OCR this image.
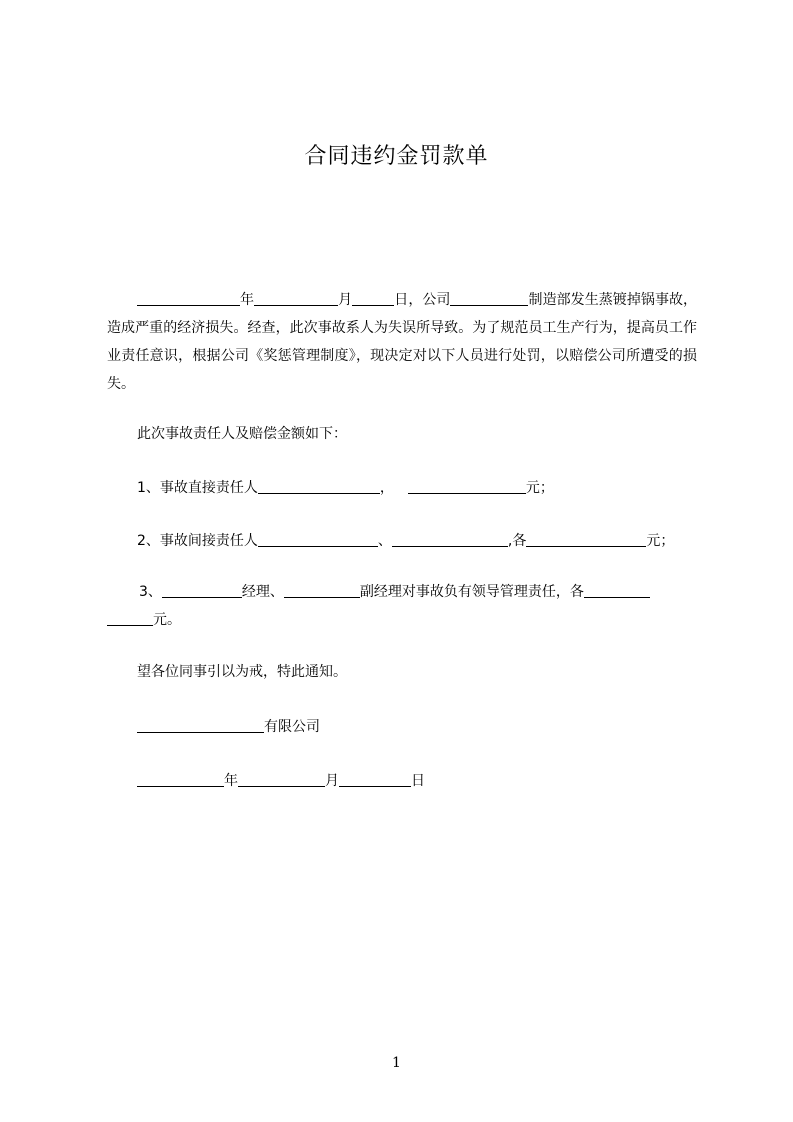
合同违约金罚款单
年	月	日，公司	制造部发生蒸镀掉锅事故，造成严重的经济损失。经查，此次事故系人为失误所导致。为了规范员工生产行为，提高员工作业责任意识，根据公司《奖惩管理制度》，现决定对以下人员进行处罚，以赔偿公司所遭受的损失。
此次事故责任人及赔偿金额如下：
1、事故直接责任人	，	元；
2、事故间接责任人	、	,各	元；
3、	经理、	副经理对事故负有领导管理责任，各
元。
望各位同事引以为戒，特此通知。
有限公司
年	月	日
1
